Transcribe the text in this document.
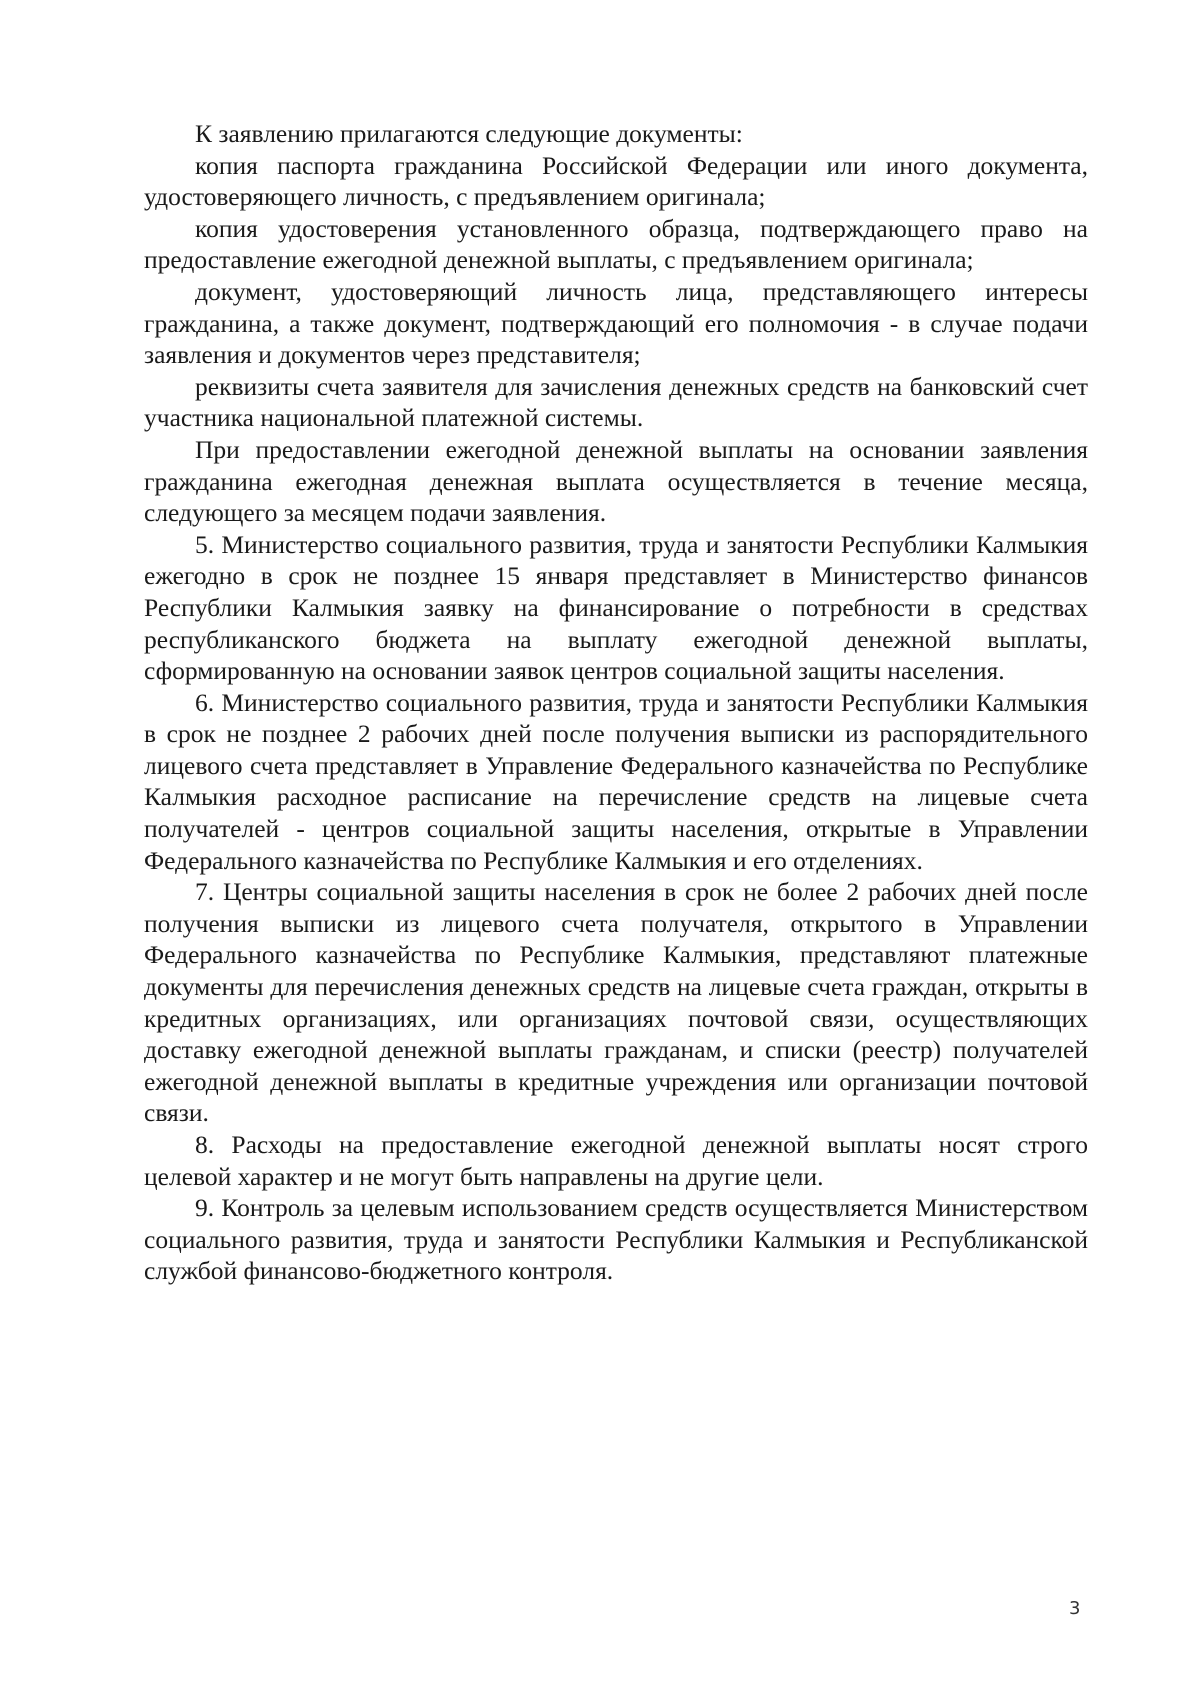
К заявлению прилагаются следующие документы:

копия паспорта гражданина Российской Федерации или иного документа, удостоверяющего личность, с предъявлением оригинала;

копия удостоверения установленного образца, подтверждающего право на предоставление ежегодной денежной выплаты, с предъявлением оригинала;

документ, удостоверяющий личность лица, представляющего интересы гражданина, а также документ, подтверждающий его полномочия - в случае подачи заявления и документов через представителя;

реквизиты счета заявителя для зачисления денежных средств на банковский счет участника национальной платежной системы.

При предоставлении ежегодной денежной выплаты на основании заявления гражданина ежегодная денежная выплата осуществляется в течение месяца, следующего за месяцем подачи заявления.

5. Министерство социального развития, труда и занятости Республики Калмыкия ежегодно в срок не позднее 15 января представляет в Министерство финансов Республики Калмыкия заявку на финансирование о потребности в средствах республиканского бюджета на выплату ежегодной денежной выплаты, сформированную на основании заявок центров социальной защиты населения.

6. Министерство социального развития, труда и занятости Республики Калмыкия в срок не позднее 2 рабочих дней после получения выписки из распорядительного лицевого счета представляет в Управление Федерального казначейства по Республике Калмыкия расходное расписание на перечисление средств на лицевые счета получателей - центров социальной защиты населения, открытые в Управлении Федерального казначейства по Республике Калмыкия и его отделениях.

7. Центры социальной защиты населения в срок не более 2 рабочих дней после получения выписки из лицевого счета получателя, открытого в Управлении Федерального казначейства по Республике Калмыкия, представляют платежные документы для перечисления денежных средств на лицевые счета граждан, открыты в кредитных организациях, или организациях почтовой связи, осуществляющих доставку ежегодной денежной выплаты гражданам, и списки (реестр) получателей ежегодной денежной выплаты в кредитные учреждения или организации почтовой связи.

8. Расходы на предоставление ежегодной денежной выплаты носят строго целевой характер и не могут быть направлены на другие цели.

9. Контроль за целевым использованием средств осуществляется Министерством социального развития, труда и занятости Республики Калмыкия и Республиканской службой финансово-бюджетного контроля.

3
